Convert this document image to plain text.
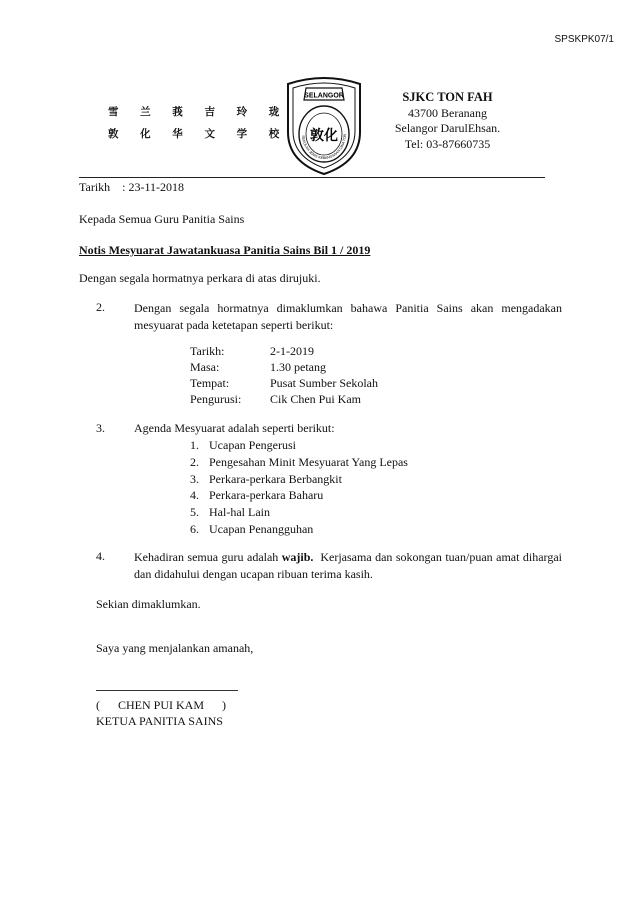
SPSKPK07/1
雪 兰 莪 吉 玲 珑
敦 化 华 文 学 校
SELANGOR
敦化
SEKOLAH JENIS KEBANGSAAN CINA TON
SJKC TON FAH
43700 Beranang
Selangor DarulEhsan.
Tel: 03-87660735
Tarikh    : 23-11-2018
Kepada Semua Guru Panitia Sains
Notis Mesyuarat Jawatankuasa Panitia Sains Bil 1 / 2019
Dengan segala hormatnya perkara di atas dirujuki.
2. Dengan segala hormatnya dimaklumkan bahawa Panitia Sains akan mengadakan mesyuarat pada ketetapan seperti berikut:
Tarikh:	2-1-2019
Masa:	1.30 petang
Tempat:	Pusat Sumber Sekolah
Pengurusi: Cik Chen Pui Kam
3. Agenda Mesyuarat adalah seperti berikut:
1. Ucapan Pengerusi
2. Pengesahan Minit Mesyuarat Yang Lepas
3. Perkara-perkara Berbangkit
4. Perkara-perkara Baharu
5. Hal-hal Lain
6. Ucapan Penangguhan
4. Kehadiran semua guru adalah wajib.  Kerjasama dan sokongan tuan/puan amat dihargai dan didahului dengan ucapan ribuan terima kasih.
Sekian dimaklumkan.
Saya yang menjalankan amanah,
(      CHEN PUI KAM      )
KETUA PANITIA SAINS
